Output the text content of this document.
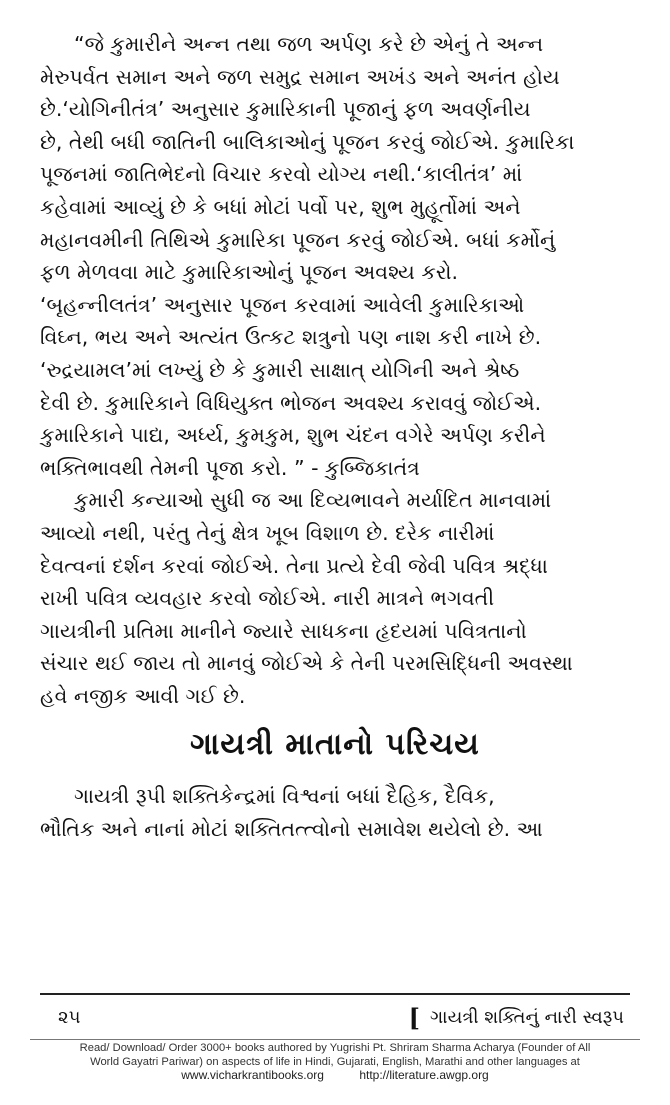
“જે કુમારીને અન્ન તથા જળ અર્પણ કરે છે એનું તે અન્ન
મેરુપર્વત સમાન અને જળ સમુદ્ર સમાન અખંડ અને અનંત હોય
છે.‘યોગિનીતંત્ર’ અનુસાર કુમારિકાની પૂજાનું ફળ અવર્ણનીય
છે, તેથી બધી જાતિની બાલિકાઓનું પૂજન કરવું જોઈએ. કુમારિકા
પૂજનમાં જાતિભેદનો વિચાર કરવો યોગ્ય નથી.‘કાલીતંત્ર’ માં
કહેવામાં આવ્યું છે કે બધાં મોટાં પર્વો પર, શુભ મુહૂર્તોમાં અને
મહાનવમીની તિથિએ કુમારિકા પૂજન કરવું જોઈએ. બધાં કર્મોનું
ફળ મેળવવા માટે કુમારિકાઓનું પૂજન અવશ્ય કરો.
‘બૃહન્નીલતંત્ર’ અનુસાર પૂજન કરવામાં આવેલી કુમારિકાઓ
વિઘ્ન, ભય અને અત્યંત ઉત્કટ શત્રુનો પણ નાશ કરી નાખે છે.
‘રુદ્રયામલ’માં લખ્યું છે કે કુમારી સાક્ષાત્ યોગિની અને શ્રેષ્ઠ
દેવી છે. કુમારિકાને વિધિયુક્ત ભોજન અવશ્ય કરાવવું જોઈએ.
કુમારિકાને પાદ્ય, અર્ધ્ય, કુમકુમ, શુભ ચંદન વગેરે અર્પણ કરીને
ભક્તિભાવથી તેમની પૂજા કરો. ” - કુબ્જિકાતંત્ર
કુમારી કન્યાઓ સુધી જ આ દિવ્યભાવને મર્યાદિત માનવામાં
આવ્યો નથી, પરંતુ તેનું ક્ષેત્ર ખૂબ વિશાળ છે. દરેક નારીમાં
દેવત્વનાં દર્શન કરવાં જોઈએ. તેના પ્રત્યે દેવી જેવી પવિત્ર શ્રદ્ધા
રાખી પવિત્ર વ્યવહાર કરવો જોઈએ. નારી માત્રને ભગવતી
ગાયત્રીની પ્રતિમા માનીને જ્યારે સાધકના હૃદયમાં પવિત્રતાનો
સંચાર થઈ જાય તો માનવું જોઈએ કે તેની પરમસિદ્ધિની અવસ્થા
હવે નજીક આવી ગઈ છે.
ગાયત્રી માતાનો પરિચય
ગાયત્રી રૂપી શક્તિકેન્દ્રમાં વિશ્વનાં બધાં દૈહિક, દૈવિક,
ભૌતિક અને નાનાં મોટાં શક્તિતત્ત્વોનો સમાવેશ થયેલો છે. આ
૨૫	[ ગાયત્રી શક્તિનું નારી સ્વરૂપ
Read/ Download/ Order 3000+ books authored by Yugrishi Pt. Shriram Sharma Acharya (Founder of All
World Gayatri Pariwar) on aspects of life in Hindi, Gujarati, English, Marathi and other languages at
www.vicharkrantibooks.org	http://literature.awgp.org
